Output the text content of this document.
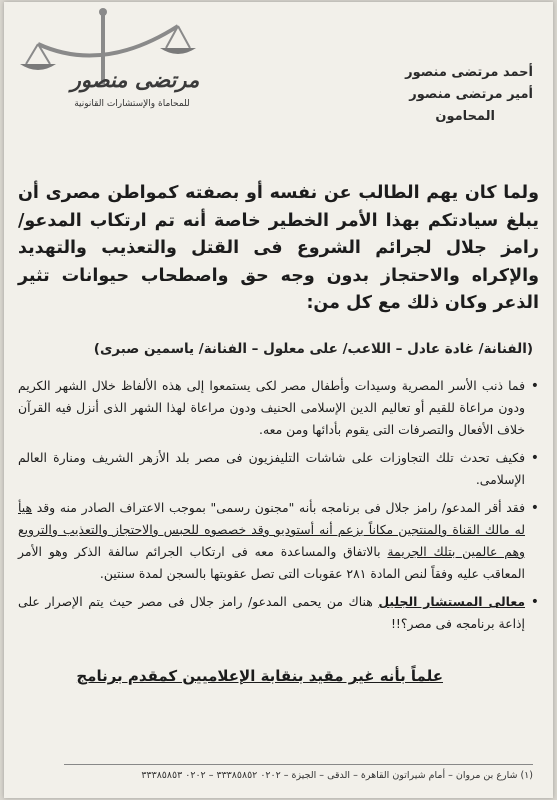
مرتضى منصور
للمحاماة والإستشارات القانونية
أحمد مرتضى منصور
أمير مرتضى منصور
المحامون

ولما كان يهم الطالب عن نفسه أو بصفته كمواطن مصرى أن يبلغ سيادتكم بهذا الأمر الخطير خاصة أنه تم ارتكاب المدعو/ رامز جلال لجرائم الشروع فى القتل والتعذيب والتهديد والإكراه والاحتجاز بدون وجه حق واصطحاب حيوانات تثير الذعر وكان ذلك مع كل من:

(الفنانة/ غادة عادل – اللاعب/ على معلول – الفنانة/ ياسمين صبرى)
•
فما ذنب الأسر المصرية وسيدات وأطفال مصر لكى يستمعوا إلى هذه الألفاظ خلال الشهر الكريم ودون مراعاة للقيم أو تعاليم الدين الإسلامى الحنيف ودون مراعاة لهذا الشهر الذى أنزل فيه القرآن خلاف الأفعال والتصرفات التى يقوم بأدائها ومن معه.
•
فكيف تحدث تلك التجاوزات على شاشات التليفزيون فى مصر بلد الأزهر الشريف ومنارة العالم الإسلامى.
•
فقد أقر المدعو/ رامز جلال فى برنامجه بأنه "مجنون رسمى" بموجب الاعتراف الصادر منه وقد هيأ له مالك القناة والمنتجين مكاناً بزعم أنه أستوديو وقد خصصوه للحبس والاحتجاز والتعذيب والترويع وهم عالمين بتلك الجريمة بالاتفاق والمساعدة معه فى ارتكاب الجرائم سالفة الذكر وهو الأمر المعاقب عليه وفقاً لنص المادة ٢٨١ عقوبات التى تصل عقوبتها بالسجن لمدة سنتين.
•
معالى المستشار الجليل هناك من يحمى المدعو/ رامز جلال فى مصر حيث يتم الإصرار على إذاعة برنامجه فى مصر؟!!
علماً بأنه غير مقيد بنقابة الإعلاميين كمقدم برنامج
(١) شارع بن مروان – أمام شيراتون القاهرة – الدقى – الجيزة – ٠٢٠٢ ٣٣٣٨٥٨٥٢ – ٠٢٠٢ ٣٣٣٨٥٨٥٣
